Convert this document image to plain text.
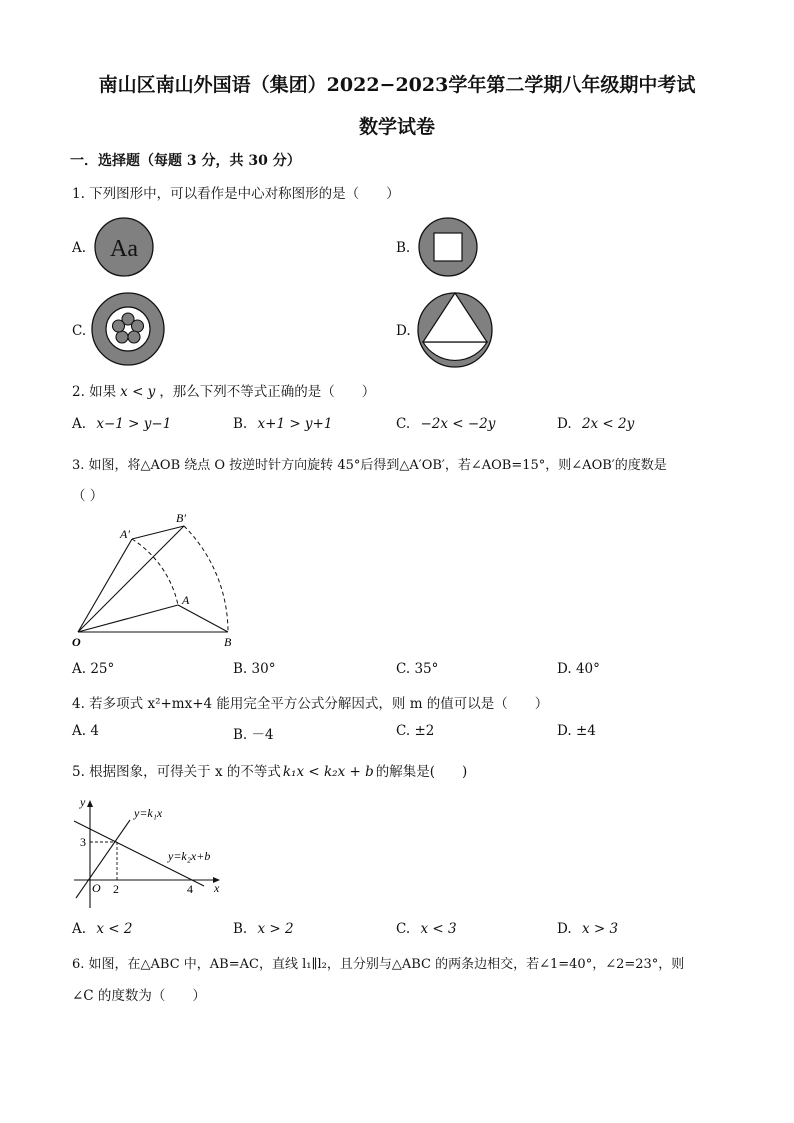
南山区南山外国语（集团）2022−2023学年第二学期八年级期中考试
数学试卷
一．选择题（每题 3 分，共 30 分）
1. 下列图形中，可以看作是中心对称图形的是（　　）
A. Aa	B.
C.	D.
2. 如果 x < y ，那么下列不等式正确的是（　　）
A. x−1 > y−1	B. x+1 > y+1	C. −2x < −2y	D. 2x < 2y
3. 如图，将△AOB 绕点 O 按逆时针方向旋转 45°后得到△A′OB′，若∠AOB=15°，则∠AOB′的度数是
（ ）
O
A
B
A′
B′
A. 25°	B. 30°	C. 35°	D. 40°
4. 若多项式 x²+mx+4 能用完全平方公式分解因式，则 m 的值可以是（　　）
A. 4	B. －4	C. ±2	D. ±4
5. 根据图象，可得关于 x 的不等式 k₁x < k₂x + b 的解集是(　　)
y
x
O
3
2	4
y=k₁x
y=k₂x+b
A. x < 2	B. x > 2	C. x < 3	D. x > 3
6. 如图，在△ABC 中，AB=AC，直线 l₁∥l₂，且分别与△ABC 的两条边相交，若∠1=40°，∠2=23°，则
∠C 的度数为（　　）
